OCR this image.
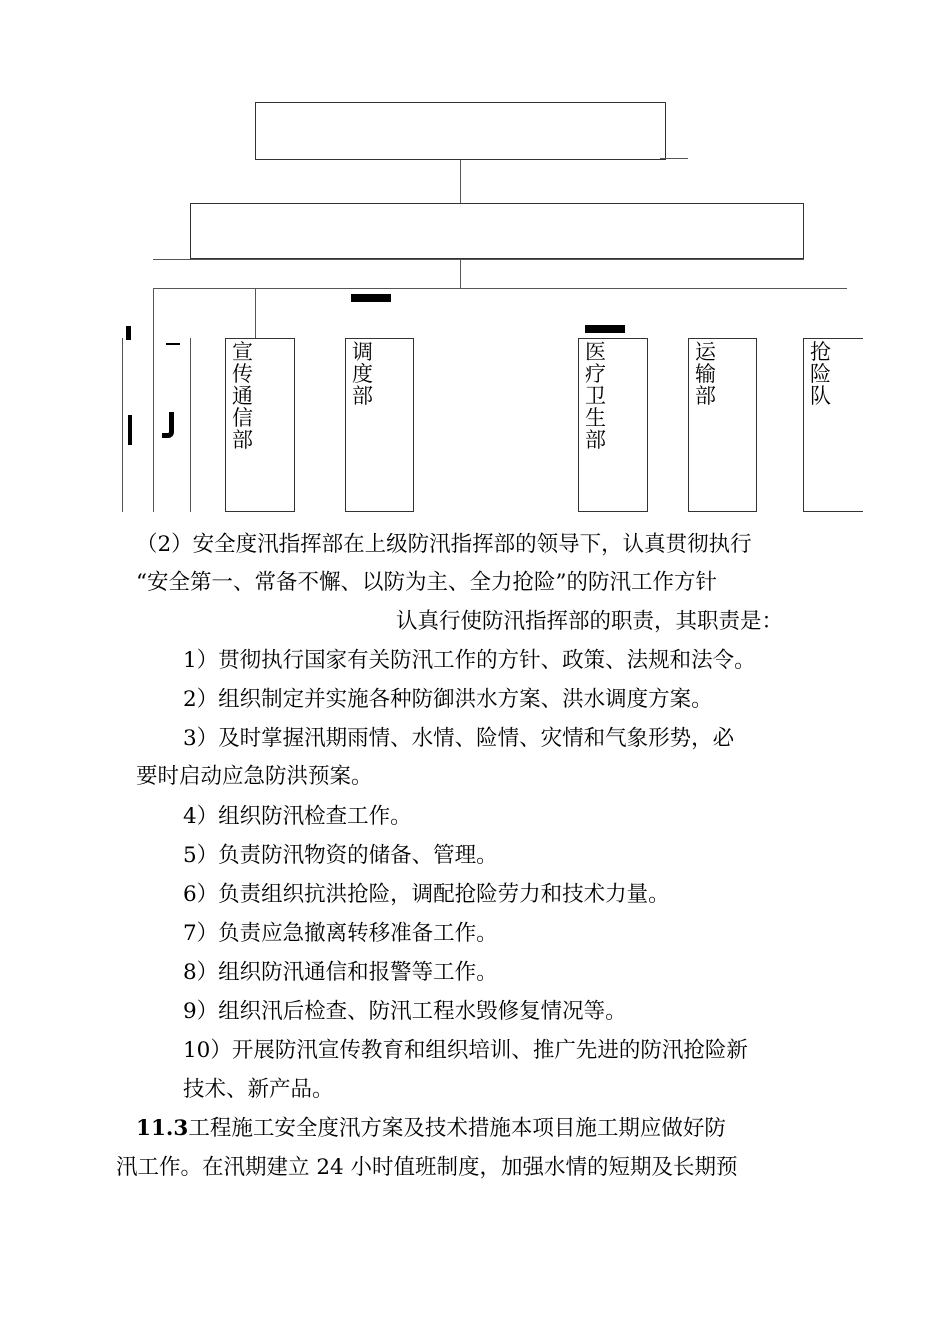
宣传通信部
调度部
医疗卫生部
运输部
抢险队
（2）安全度汛指挥部在上级防汛指挥部的领导下，认真贯彻执行
“安全第一、常备不懈、以防为主、全力抢险”的防汛工作方针
认真行使防汛指挥部的职责，其职责是：
1）贯彻执行国家有关防汛工作的方针、政策、法规和法令。
2）组织制定并实施各种防御洪水方案、洪水调度方案。
3）及时掌握汛期雨情、水情、险情、灾情和气象形势，必
要时启动应急防洪预案。
4）组织防汛检查工作。
5）负责防汛物资的储备、管理。
6）负责组织抗洪抢险，调配抢险劳力和技术力量。
7）负责应急撤离转移准备工作。
8）组织防汛通信和报警等工作。
9）组织汛后检查、防汛工程水毁修复情况等。
10）开展防汛宣传教育和组织培训、推广先进的防汛抢险新
技术、新产品。
11.3工程施工安全度汛方案及技术措施本项目施工期应做好防
汛工作。在汛期建立 24 小时值班制度，加强水情的短期及长期预
